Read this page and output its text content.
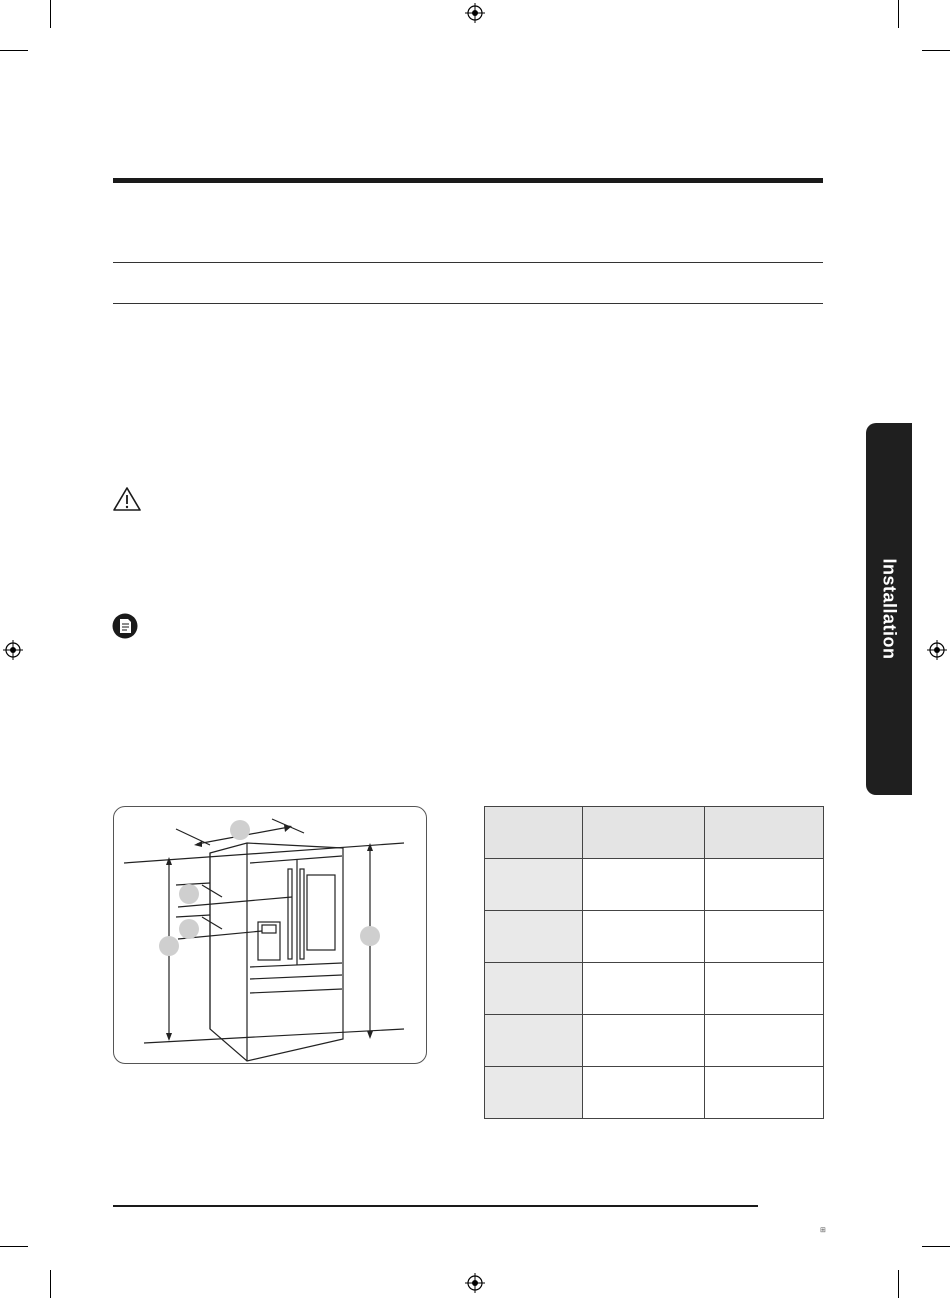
Installation

⊞
